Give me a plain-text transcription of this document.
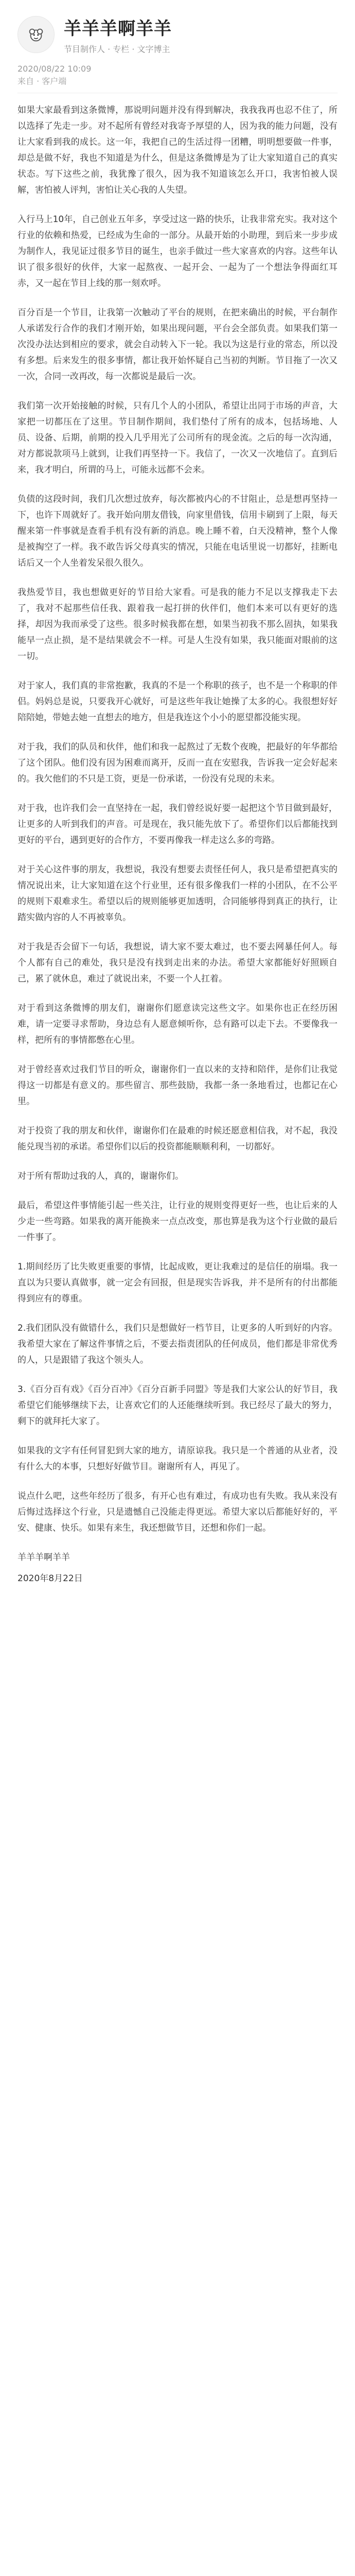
羊羊羊啊羊羊
节目制作人 · 专栏 · 文字博主
2020/08/22 10:09
来自 · 客户端

如果大家最看到这条微博，那说明问题并没有得到解决，我我我再也忍不住了，所以选择了先走一步。对不起所有曾经对我寄予厚望的人，因为我的能力问题，没有让大家看到我的成长。这一年，我把自己的生活过得一团糟，明明想要做一件事，却总是做不好，我也不知道是为什么，但是这条微博是为了让大家知道自己的真实状态。写下这些之前，我犹豫了很久，因为我不知道该怎么开口，我害怕被人误解，害怕被人评判，害怕让关心我的人失望。

入行马上10年，自己创业五年多，享受过这一路的快乐，让我非常充实。我对这个行业的依赖和热爱，已经成为生命的一部分。从最开始的小助理，到后来一步步成为制作人，我见证过很多节目的诞生，也亲手做过一些大家喜欢的内容。这些年认识了很多很好的伙伴，大家一起熬夜、一起开会、一起为了一个想法争得面红耳赤，又一起在节目上线的那一刻欢呼。

百分百是一个节目，让我第一次触动了平台的规则，在把来确出的时候，平台制作人承诺发行合作的我们才刚开始，如果出现问题，平台会全部负责。如果我们第一次没办法达到相应的要求，就会自动转入下一轮。我以为这是行业的常态，所以没有多想。后来发生的很多事情，都让我开始怀疑自己当初的判断。节目拖了一次又一次，合同一改再改，每一次都说是最后一次。

我们第一次开始接触的时候，只有几个人的小团队，希望让出同于市场的声音，大家把一切都压在了这里。节目制作期间，我们垫付了所有的成本，包括场地、人员、设备、后期，前期的投入几乎用光了公司所有的现金流。之后的每一次沟通，对方都说款项马上就到，让我们再坚持一下。我信了，一次又一次地信了。直到后来，我才明白，所谓的马上，可能永远都不会来。

负债的这段时间，我们几次想过放弃，每次都被内心的不甘阻止，总是想再坚持一下，也许下周就好了。我开始向朋友借钱，向家里借钱，信用卡刷到了上限，每天醒来第一件事就是查看手机有没有新的消息。晚上睡不着，白天没精神，整个人像是被掏空了一样。我不敢告诉父母真实的情况，只能在电话里说一切都好，挂断电话后又一个人坐着发呆很久很久。

我热爱节目，我也想做更好的节目给大家看。可是我的能力不足以支撑我走下去了，我对不起那些信任我、跟着我一起打拼的伙伴们，他们本来可以有更好的选择，却因为我而承受了这些。很多时候我都在想，如果当初我不那么固执，如果我能早一点止损，是不是结果就会不一样。可是人生没有如果，我只能面对眼前的这一切。

对于家人，我们真的非常抱歉，我真的不是一个称职的孩子，也不是一个称职的伴侣。妈妈总是说，只要我开心就好，可是这些年我让她操了太多的心。我很想好好陪陪她，带她去她一直想去的地方，但是我连这个小小的愿望都没能实现。

对于我，我们的队员和伙伴，他们和我一起熬过了无数个夜晚，把最好的年华都给了这个团队。他们没有因为困难而离开，反而一直在安慰我，告诉我一定会好起来的。我欠他们的不只是工资，更是一份承诺，一份没有兑现的未来。

对于我，也许我们会一直坚持在一起，我们曾经说好要一起把这个节目做到最好，让更多的人听到我们的声音。可是现在，我只能先放下了。希望你们以后都能找到更好的平台，遇到更好的合作方，不要再像我一样走这么多的弯路。

对于关心这件事的朋友，我想说，我没有想要去责怪任何人，我只是希望把真实的情况说出来，让大家知道在这个行业里，还有很多像我们一样的小团队，在不公平的规则下艰难求生。希望以后的规则能够更加透明，合同能够得到真正的执行，让踏实做内容的人不再被辜负。

对于我是否会留下一句话，我想说，请大家不要太难过，也不要去网暴任何人。每个人都有自己的难处，我只是没有找到走出来的办法。希望大家都能好好照顾自己，累了就休息，难过了就说出来，不要一个人扛着。

对于看到这条微博的朋友们，谢谢你们愿意读完这些文字。如果你也正在经历困难，请一定要寻求帮助，身边总有人愿意倾听你，总有路可以走下去。不要像我一样，把所有的事情都憋在心里。

对于曾经喜欢过我们节目的听众，谢谢你们一直以来的支持和陪伴，是你们让我觉得这一切都是有意义的。那些留言、那些鼓励，我都一条一条地看过，也都记在心里。

对于投资了我的朋友和伙伴，谢谢你们在最难的时候还愿意相信我，对不起，我没能兑现当初的承诺。希望你们以后的投资都能顺顺利利，一切都好。

对于所有帮助过我的人，真的，谢谢你们。

最后，希望这件事情能引起一些关注，让行业的规则变得更好一些，也让后来的人少走一些弯路。如果我的离开能换来一点点改变，那也算是我为这个行业做的最后一件事了。

1.期间经历了比失败更重要的事情，比起成败，更让我难过的是信任的崩塌。我一直以为只要认真做事，就一定会有回报，但是现实告诉我，并不是所有的付出都能得到应有的尊重。

2.我们团队没有做错什么，我们只是想做好一档节目，让更多的人听到好的内容。我希望大家在了解这件事情之后，不要去指责团队的任何成员，他们都是非常优秀的人，只是跟错了我这个领头人。

3.《百分百有戏》《百分百冲》《百分百新手同盟》等是我们大家公认的好节目，我希望它们能够继续下去，让喜欢它们的人还能继续听到。我已经尽了最大的努力，剩下的就拜托大家了。

如果我的文字有任何冒犯到大家的地方，请原谅我。我只是一个普通的从业者，没有什么大的本事，只想好好做节目。谢谢所有人，再见了。

说点什么吧，这些年经历了很多，有开心也有难过，有成功也有失败。我从来没有后悔过选择这个行业，只是遗憾自己没能走得更远。希望大家以后都能好好的，平安、健康、快乐。如果有来生，我还想做节目，还想和你们一起。

羊羊羊啊羊羊

2020年8月22日
